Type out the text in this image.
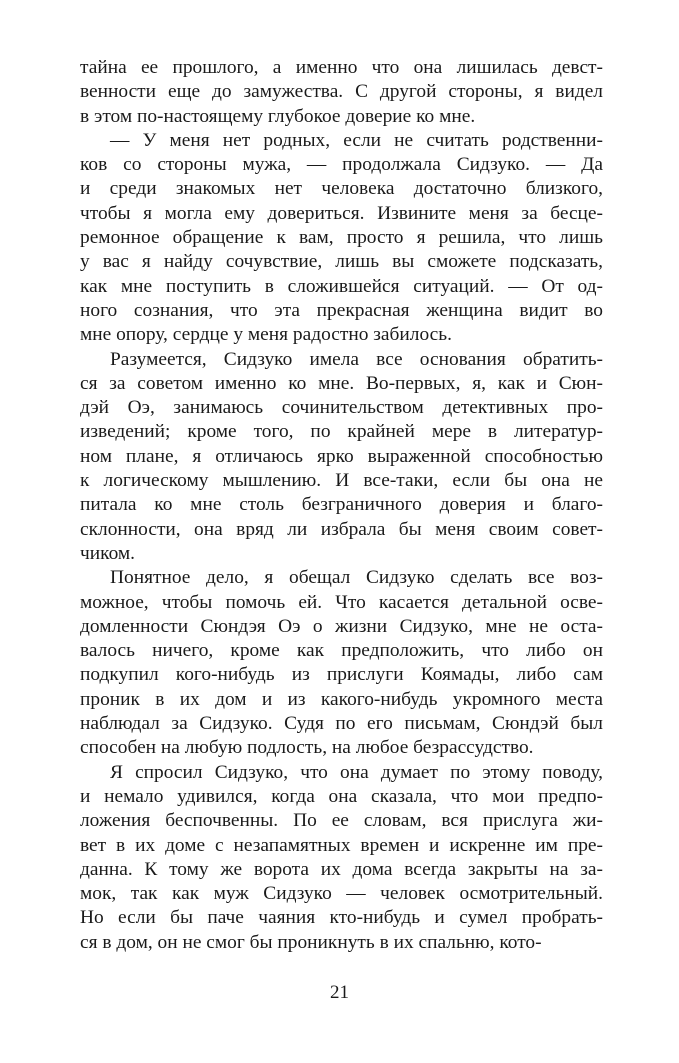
тайна ее прошлого, а именно что она лишилась девст-
венности еще до замужества. С другой стороны, я видел
в этом по-настоящему глубокое доверие ко мне.
— У меня нет родных, если не считать родственни-
ков со стороны мужа, — продолжала Сидзуко. — Да
и среди знакомых нет человека достаточно близкого,
чтобы я могла ему довериться. Извините меня за бесце-
ремонное обращение к вам, просто я решила, что лишь
у вас я найду сочувствие, лишь вы сможете подсказать,
как мне поступить в сложившейся ситуаций. — От од-
ного сознания, что эта прекрасная женщина видит во
мне опору, сердце у меня радостно забилось.
Разумеется, Сидзуко имела все основания обратить-
ся за советом именно ко мне. Во-первых, я, как и Сюн-
дэй Оэ, занимаюсь сочинительством детективных про-
изведений; кроме того, по крайней мере в литератур-
ном плане, я отличаюсь ярко выраженной способностью
к логическому мышлению. И все-таки, если бы она не
питала ко мне столь безграничного доверия и благо-
склонности, она вряд ли избрала бы меня своим совет-
чиком.
Понятное дело, я обещал Сидзуко сделать все воз-
можное, чтобы помочь ей. Что касается детальной осве-
домленности Сюндэя Оэ о жизни Сидзуко, мне не оста-
валось ничего, кроме как предположить, что либо он
подкупил кого-нибудь из прислуги Коямады, либо сам
проник в их дом и из какого-нибудь укромного места
наблюдал за Сидзуко. Судя по его письмам, Сюндэй был
способен на любую подлость, на любое безрассудство.
Я спросил Сидзуко, что она думает по этому поводу,
и немало удивился, когда она сказала, что мои предпо-
ложения беспочвенны. По ее словам, вся прислуга жи-
вет в их доме с незапамятных времен и искренне им пре-
данна. К тому же ворота их дома всегда закрыты на за-
мок, так как муж Сидзуко — человек осмотрительный.
Но если бы паче чаяния кто-нибудь и сумел пробрать-
ся в дом, он не смог бы проникнуть в их спальню, кото-
21
